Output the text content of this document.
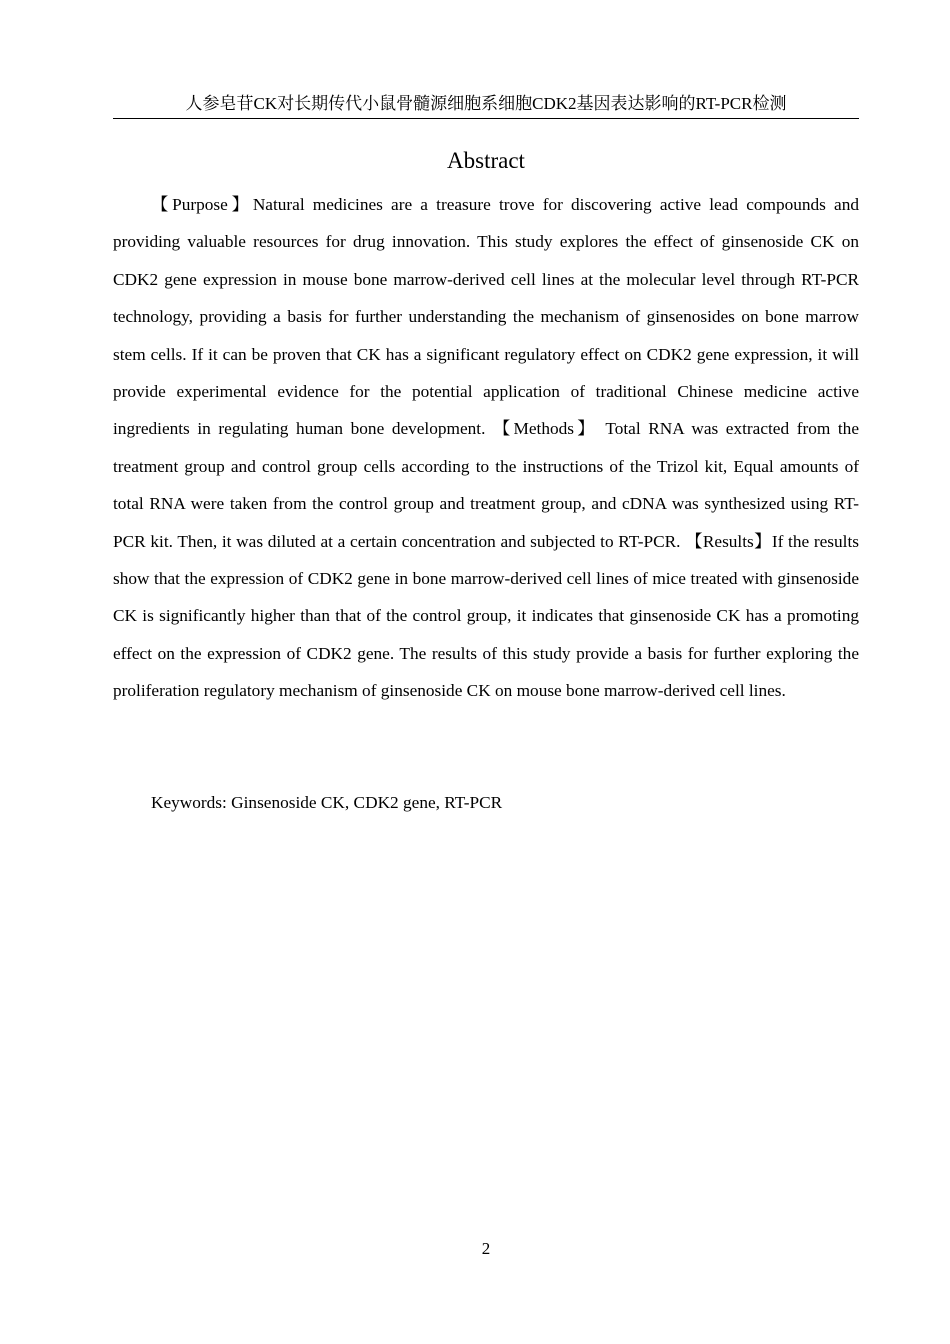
人参皂苷CK对长期传代小鼠骨髓源细胞系细胞CDK2基因表达影响的RT-PCR检测
Abstract

【Purpose】Natural medicines are a treasure trove for discovering active lead compounds and providing valuable resources for drug innovation. This study explores the effect of ginsenoside CK on CDK2 gene expression in mouse bone marrow-derived cell lines at the molecular level through RT-PCR technology, providing a basis for further understanding the mechanism of ginsenosides on bone marrow stem cells. If it can be proven that CK has a significant regulatory effect on CDK2 gene expression, it will provide experimental evidence for the potential application of traditional Chinese medicine active ingredients in regulating human bone development. 【Methods】 Total RNA was extracted from the treatment group and control group cells according to the instructions of the Trizol kit, Equal amounts of total RNA were taken from the control group and treatment group, and cDNA was synthesized using RT-PCR kit. Then, it was diluted at a certain concentration and subjected to RT-PCR. 【Results】If the results show that the expression of CDK2 gene in bone marrow-derived cell lines of mice treated with ginsenoside CK is significantly higher than that of the control group, it indicates that ginsenoside CK has a promoting effect on the expression of CDK2 gene. The results of this study provide a basis for further exploring the proliferation regulatory mechanism of ginsenoside CK on mouse bone marrow-derived cell lines.

Keywords: Ginsenoside CK, CDK2 gene, RT-PCR

2
